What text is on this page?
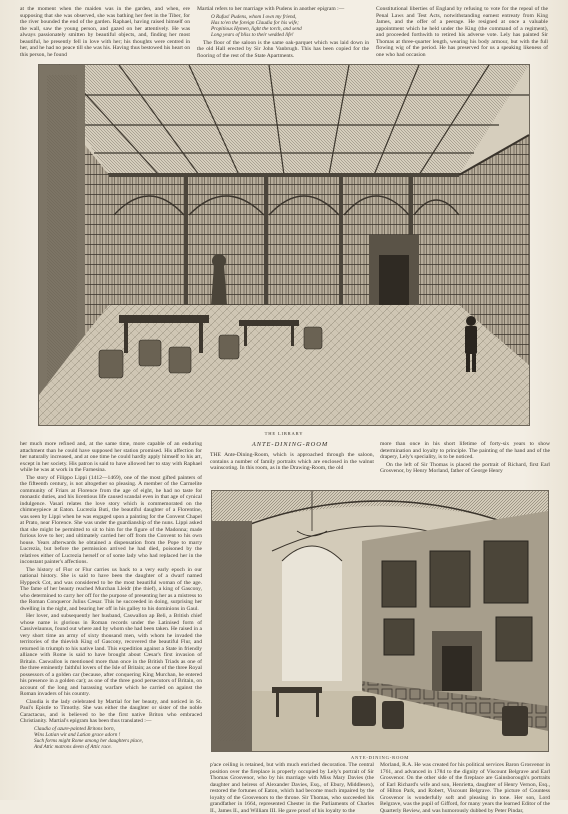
at the moment when the maiden was in the garden, and when, ere supposing that she was observed, she was bathing her feet in the Tiber, for the river bounded the end of the garden. Raphael, having raised himself on the wall, saw the young person, and gazed on her attentively. He was always passionately smitten by beautiful objects, and, finding her most beautiful, he presently fell in love with her; his thoughts were centred in her, and he had no peace till she was his. Having thus bestowed his heart on this person, he found

Martial refers to her marriage with Pudens in another epigram :—

O Rufus! Pudens, whom I own my friend,
Has to'en the foreign Claudia for his wife;
Propitious Hymen, light the torch, and send
Long years of bliss to their wedded life!

The floor of the saloon is the same oak-parquet which was laid down in the old Hall erected by Sir John Vanbrugh. This has been copied for the flooring of the rest of the State Apartments.

Constitutional liberties of England by refusing to vote for the repeal of the Penal Laws and Test Acts, notwithstanding earnest entreaty from King James, and the offer of a peerage. He resigned at once a valuable appointment which he held under the King (the command of a regiment), and proceeded forthwith to retired his adverse vote. Lely has painted Sir Thomas at three-quarter length, wearing his body armour, but with the full flowing wig of the period. He has preserved for us a speaking likeness of one who had occasion

THE LIBRARY

her much more refined and, at the same time, more capable of an enduring attachment than he could have supposed her station promised. His affection for her naturally increased, and at one time he could hardly apply himself to his art, except in her society. His patron is said to have allowed her to stay with Raphael while he was at work in the Farnesina.

The story of Filippo Lippi (1412—1469), one of the most gifted painters of the fifteenth century, is not altogether so pleasing. A member of the Carmelite community of Friars at Florence from the age of eight, he had no taste for monastic duties, and his licentious life caused scandal even in that age of cynical indulgence. Vasari relates the love story which is commemorated on the chimneypiece at Eaton. Lucrezia Buti, the beautiful daughter of a Florentine, was seen by Lippi when he was engaged upon a painting for the Convent Chapel at Prato, near Florence. She was under the guardianship of the nuns. Lippi asked that she might be permitted to sit to him for the figure of the Madonna; made furious love to her; and ultimately carried her off from the Convent to his own house. Years afterwards he obtained a dispensation from the Pope to marry Lucrezia, but before the permission arrived he had died, poisoned by the relatives either of Lucrezia herself or of some lady who had replaced her in the inconstant painter's affections.

The history of Flor or Flur carries us back to a very early epoch in our national history. She is said to have been the daughter of a dwarf named Hyppeck Cot, and was considered to be the most beautiful woman of the age. The fame of her beauty reached Murchan Lleidr (the thief), a king of Gascony, who determined to carry her off for the purpose of presenting her as a mistress to the Roman Conqueror Julius Cæsar. This he succeeded in doing, surprising her dwelling in the night, and bearing her off in his galley to his dominions in Gaul.

Her lover, and subsequently her husband, Caswallon ap Beli, a British chief whose name is glorious in Roman records under the Latinised form of Cassivelaunus, found out where and by whom she had been taken. He raised in a very short time an army of sixty thousand men, with whom he invaded the territories of the thievish King of Gascony, recovered the beautiful Flur, and returned in triumph to his native land. This expedition against a State in friendly alliance with Rome is said to have brought about Cæsar's first invasion of Britain. Caswallon is mentioned more than once in the British Triads as one of the three eminently faithful lovers of the Isle of Britain; as one of the three Royal possessors of a golden car (because, after conquering King Murchan, he entered his presence in a golden car); as one of the three good persecutors of Britain, on account of the long and harassing warfare which he carried on against the Roman invaders of his country.

Claudia is the lady celebrated by Martial for her beauty, and noticed in St. Paul's Epistle to Timothy. She was either the daughter or sister of the noble Caractacus, and is believed to be the first native Briton who embraced Christianity. Martial's epigram has been thus translated :—

Claudia of azure-painted Britons born,
Wins Latian wit and Latian grace adorn !
Such forms might Rome among her daughters place,
And Attic matrons deem of Attic race.
ANTE-DINING-ROOM

THE Ante-Dining-Room, which is approached through the saloon, contains a number of family portraits which are enclosed in the walnut wainscoting. In this room, as in the Drawing-Room, the old

more than once in his short lifetime of forty-six years to show determination and loyalty to principle. The painting of the hand and of the drapery, Lely's speciality, is to be noticed.

On the left of Sir Thomas is placed the portrait of Richard, first Earl Grosvenor, by Henry Morland, father of George Henry

ANTE-DINING-ROOM

p'ace ceiling is retained, but with much enriched decoration. The central position over the fireplace is properly occupied by Lely's portrait of Sir Thomas Grosvenor, who by his marriage with Miss Mary Davies (the daughter and heiress of Alexander Davies, Esq., of Ebury, Middlesex), restored the fortunes of Eaton, which had become much impaired by the loyalty of the Grosvenors to the throne. Sir Thomas, who succeeded his grandfather in 1664, represented Chester in the Parliaments of Charles II., James II., and William III. He gave proof of his loyalty to the

Morland, R.A. He was created for his political services Baron Grosvenor in 1761, and advanced in 1784 to the dignity of Viscount Belgrave and Earl Grosvenor. On the other side of the fireplace are Gainsborough's portraits of Earl Richard's wife and son, Henrietta, daughter of Henry Vernon, Esq., of Hilton Park, and Robert, Viscount Belgrave. The picture of Countess Grosvenor is wonderfully soft and pleasing in tone. Her son, Lord Belgrave, was the pupil of Gifford, for many years the learned Editor of the Quarterly Review, and was humorously dubbed by Peter Pindar,
